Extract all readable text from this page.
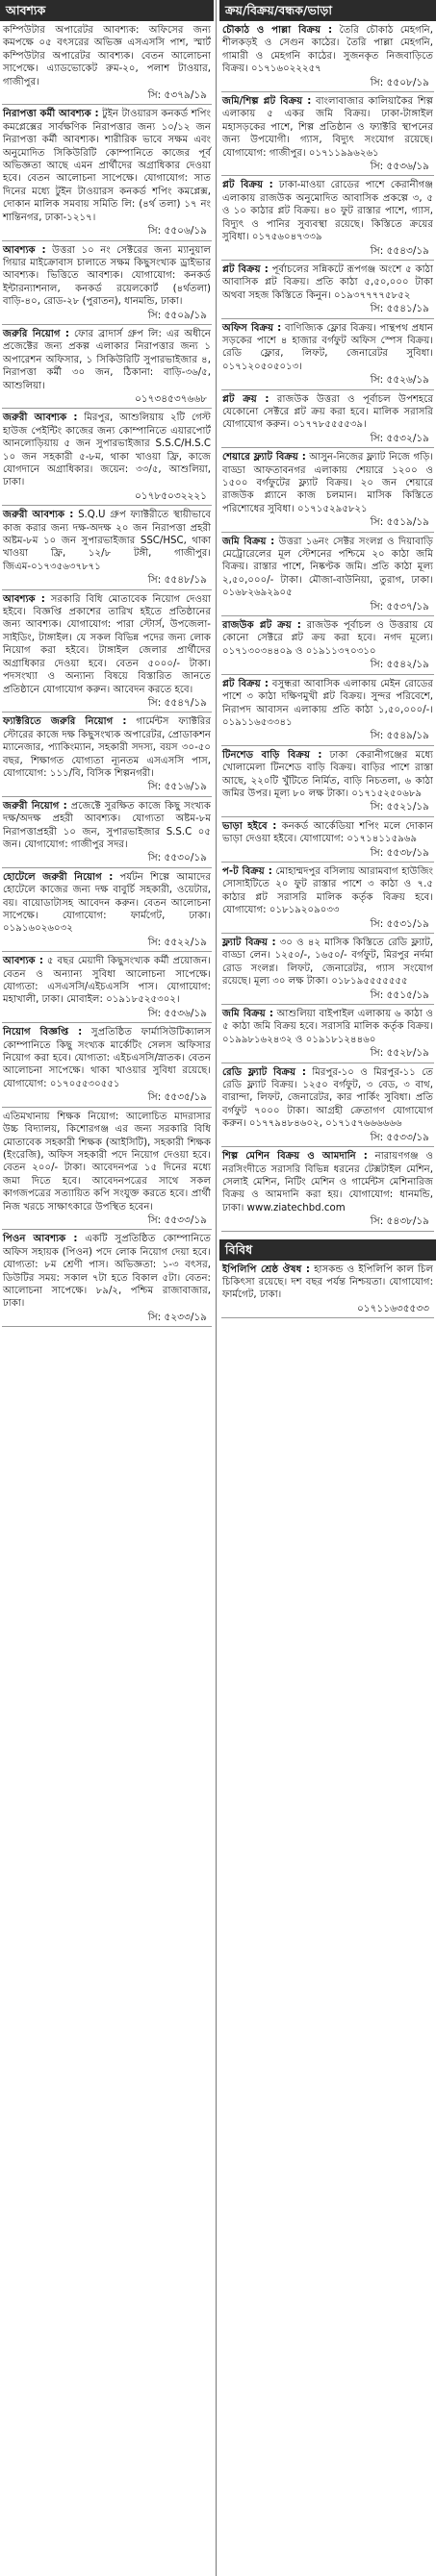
আবশ্যক
কম্পিউটার অপারেটর আবশ্যক: অফিসের জন্য কমপক্ষে ০৫ বৎসরের অভিজ্ঞ এসএসসি পাশ, স্মার্ট কম্পিউটার অপারেটর আবশ্যক। বেতন আলোচনা সাপেক্ষে। এ্যাডভোকেট রুম-২০, পলাশ টাওয়ার, গাজীপুর।
সি: ৫৩৭৯/১৯
নিরাপত্তা কর্মী আবশ্যক : টুইন টাওয়ারস কনকর্ড শপিং কমপ্লেক্সের সার্বক্ষণিক নিরাপত্তার জন্য ১০/১২ জন নিরাপত্তা কর্মী আবশ্যক। শারীরিক ভাবে সক্ষম এবং অনুমোদিত সিকিউরিটি কোম্পানিতে কাজের পূর্ব অভিজ্ঞতা আছে এমন প্রার্থীদের অগ্রাধিকার দেওয়া হবে। বেতন আলোচনা সাপেক্ষে। যোগাযোগ: সাত দিনের মধ্যে টুইন টাওয়ারস কনকর্ড শপিং কমপ্লেক্স, দোকান মালিক সমবায় সমিতি লি: (৪র্থ তলা) ১৭ নং শান্তিনগর, ঢাকা-১২১৭।
সি: ৫৫০৬/১৯
আবশ্যক : উত্তরা ১০ নং সেক্টরের জন্য ম্যানুয়াল গিয়ার মাইক্রোবাস চালাতে সক্ষম কিছুসংখ্যক ড্রাইভার আবশ্যক। ভিত্তিতে আবশ্যক। যোগাযোগ: কনকর্ড ইন্টারন্যাশনাল, কনকর্ড রয়েলকোর্ট (৪র্থতলা) বাড়ি-৪০, রোড-২৮ (পুরাতন), ধানমন্ডি, ঢাকা।
সি: ৫৫০৯/১৯
জরুরি নিয়োগ : ফোর ব্রাদার্স গ্রুপ লি: এর অধীনে প্রজেক্টের জন্য প্রকল্প এলাকার নিরাপত্তার জন্য ১ অপারেশন অফিসার, ১ সিকিউরিটি সুপারভাইজার ৪, নিরাপত্তা কর্মী ৩০ জন, ঠিকানা: বাড়ি-৩৬/৫, আশুলিয়া।
০১৭৩৪৫৩৭৬৬৮
জরুরী আবশ্যক : মিরপুর, আশুলিয়ায় ২টি গেস্ট হাউজ পেইন্টিং কাজের জন্য কোম্পানিতে এয়ারপোর্ট আনলোড়িয়ায় ৫ জন সুপারভাইজার S.S.C/H.S.C ১০ জন সহকারী ৫-৮ম, থাকা খাওয়া ফ্রি, কাজে যোগদানে অগ্রাধিকার। জয়েন: ৩৩/৫, আশুলিয়া, ঢাকা।
০১৭৮৫০৩২২২১
জরুরী আবশ্যক : S.Q.U গ্রুপ ফ্যাক্টরীতে স্থায়ীভাবে কাজ করার জন্য দক্ষ-অদক্ষ ২০ জন নিরাপত্তা প্রহরী অষ্টম-৮ম ১০ জন সুপারভাইজার SSC/HSC, থাকা খাওয়া ফ্রি, ১২/৮ টঙ্গী, গাজীপুর। জিএম-০১৭৩৫৬৩৭৮৭১
সি: ৫৫৪৮/১৯
আবশ্যক : সরকারি বিধি মোতাবেক নিয়োগ দেওয়া হইবে। বিজ্ঞপ্তি প্রকাশের তারিখ হইতে প্রতিষ্ঠানের জন্য আবশ্যক। যোগাযোগ: পারা স্টোর্স, উপজেলা-সাইডিং, টাঙ্গাইল। যে সকল বিভিন্ন পদের জন্য লোক নিয়োগ করা হইবে। টাঙ্গাইল জেলার প্রার্থীদের অগ্রাধিকার দেওয়া হবে। বেতন ৫০০০/- টাকা। পদসংখ্যা ও অন্যান্য বিষয়ে বিস্তারিত জানতে প্রতিষ্ঠানে যোগাযোগ করুন। আবেদন করতে হবে।
সি: ৫৫৪৭/১৯
ফ্যাক্টরিতে জরুরি নিয়োগ : গার্মেন্টস ফ্যাক্টরির স্টোরের কাজে দক্ষ কিছুসংখ্যক অপারেটর, প্রোডাকশন ম্যানেজার, প্যাকিংম্যান, সহকারী সদস্য, বয়স ৩০-৫০ বছর, শিক্ষাগত যোগ্যতা ন্যূনতম এসএসসি পাস, যোগাযোগ: ১১১/বি, বিসিক শিল্পনগরী।
সি: ৫৫১৬/১৯
জরুরী নিয়োগ : প্রজেক্টে সুরক্ষিত কাজে কিছু সংখ্যক দক্ষ/অদক্ষ প্রহরী আবশ্যক। যোগ্যতা অষ্টম-৮ম নিরাপত্তাপ্রহরী ১০ জন, সুপারভাইজার S.S.C ০৫ জন। যোগাযোগ: গাজীপুর সদর।
সি: ৫৫৩০/১৯
হোটেলে জরুরী নিয়োগ : পর্যটন শিল্পে আমাদের হোটেলে কাজের জন্য দক্ষ বাবুর্চি সহকারী, ওয়েটার, বয়। বায়োডাটাসহ আবেদন করুন। বেতন আলোচনা সাপেক্ষে। যোগাযোগ: ফার্মগেট, ঢাকা। ০১৯১৬০২৬০৩২
সি: ৫৫২২/১৯
আবশ্যক : ৫ বছর মেয়াদী কিছুসংখ্যক কর্মী প্রয়োজন। বেতন ও অন্যান্য সুবিধা আলোচনা সাপেক্ষে। যোগ্যতা: এসএসসি/এইচএসসি পাস। যোগাযোগ: মহাখালী, ঢাকা। মোবাইল: ০১৯১৮৫২৫৩০২।
সি: ৫৫৩৬/১৯
নিয়োগ বিজ্ঞপ্তি : সুপ্রতিষ্ঠিত ফার্মাসিউটিক্যালস কোম্পানিতে কিছু সংখ্যক মার্কেটিং সেলস অফিসার নিয়োগ করা হবে। যোগ্যতা: এইচএসসি/স্নাতক। বেতন আলোচনা সাপেক্ষে। থাকা খাওয়ার সুবিধা রয়েছে। যোগাযোগ: ০১৭০৫৫৩০৫৫১
সি: ৫৫৩৫/১৯
এতিমখানায় শিক্ষক নিয়োগ: আলোচিত মাদরাসার উচ্চ বিদ্যালয়, কিশোরগঞ্জ এর জন্য সরকারি বিধি মোতাবেক সহকারী শিক্ষক (আইসিটি), সহকারী শিক্ষক (ইংরেজি), অফিস সহকারী পদে নিয়োগ দেওয়া হবে। বেতন ২০০/- টাকা। আবেদনপত্র ১৫ দিনের মধ্যে জমা দিতে হবে। আবেদনপত্রের সাথে সকল কাগজপত্রের সত্যায়িত কপি সংযুক্ত করতে হবে। প্রার্থী নিজ খরচে সাক্ষাৎকারে উপস্থিত হবেন।
সি: ৫৫৩৩/১৯
পিওন আবশ্যক : একটি সুপ্রতিষ্ঠিত কোম্পানিতে অফিস সহায়ক (পিওন) পদে লোক নিয়োগ দেয়া হবে। যোগ্যতা: ৮ম শ্রেণী পাস। অভিজ্ঞতা: ১-৩ বৎসর, ডিউটির সময়: সকাল ৭টা হতে বিকাল ৫টা। বেতন: আলোচনা সাপেক্ষে। ৮৯/২, পশ্চিম রাজাবাজার, ঢাকা।
সি: ৫২৩৩/১৯
ক্রয়/বিক্রয়/বন্ধক/ভাড়া
চৌকাঠ ও পাল্লা বিক্রয় : তৈরি চৌকাঠ মেহগনি, শীলকড়ই ও সেগুন কাঠের। তৈরি পাল্লা মেহগনি, গামারী ও মেহগনি কাঠের। সুজনকৃত নিজবাড়িতে বিক্রয়। ০১৭১৬০২২২৫৭
সি: ৫৫০৮/১৯
জমি/শিল্প প্লট বিক্রয় : বাংলাবাজার কালিয়াকৈর শিল্প এলাকায় ৫ একর জমি বিক্রয়। ঢাকা-টাঙ্গাইল মহাসড়কের পাশে, শিল্প প্রতিষ্ঠান ও ফ্যাক্টরি স্থাপনের জন্য উপযোগী। গ্যাস, বিদ্যুৎ সংযোগ রয়েছে। যোগাযোগ: গাজীপুর। ০১৭১১৯৯৬২৬১
সি: ৫৫৩৬/১৯
প্লট বিক্রয় : ঢাকা-মাওয়া রোডের পাশে কেরানীগঞ্জ এলাকায় রাজউক অনুমোদিত আবাসিক প্রকল্পে ৩, ৫ ও ১০ কাঠার প্লট বিক্রয়। ৪০ ফুট রাস্তার পাশে, গ্যাস, বিদ্যুৎ ও পানির সুব্যবস্থা রয়েছে। কিস্তিতে ক্রয়ের সুবিধা। ০১৭৫৬০৪৭৩৩৯
সি: ৫৫৪৩/১৯
প্লট বিক্রয় : পূর্বাচলের সন্নিকটে রূপগঞ্জ অংশে ৫ কাঠা আবাসিক প্লট বিক্রয়। প্রতি কাঠা ৫,৫০,০০০ টাকা অথবা সহজ কিস্তিতে কিনুন। ০১৯৩৭৭৭৭৫৮৫২
সি: ৫৫৪১/১৯
অফিস বিক্রয় : বাণিজ্যিক ফ্লোর বিক্রয়। পান্থপথ প্রধান সড়কের পাশে ৪ হাজার বর্গফুট অফিস স্পেস বিক্রয়। রেডি ফ্লোর, লিফট, জেনারেটর সুবিধা। ০১৭১২০৫০৫০১৩।
সি: ৫৫২৬/১৯
প্লট ক্রয় : রাজউক উত্তরা ও পূর্বাচল উপশহরে যেকোনো সেক্টরে প্লট ক্রয় করা হবে। মালিক সরাসরি যোগাযোগ করুন। ০১৭৭৮৫৫৫৫৩৯।
সি: ৫৫৩২/১৯
শেয়ারে ফ্ল্যাট বিক্রয় : আসুন-নিজের ফ্ল্যাট নিজে গড়ি। বাড্ডা আফতাবনগর এলাকায় শেয়ারে ১২০০ ও ১৫০০ বর্গফুটের ফ্ল্যাট বিক্রয়। ২০ জন শেয়ারে রাজউক প্ল্যানে কাজ চলমান। মাসিক কিস্তিতে পরিশোধের সুবিধা। ০১৭১৫২৯৫৮২১
সি: ৫৫১৯/১৯
জমি বিক্রয় : উত্তরা ১৬নং সেক্টর সংলগ্ন ও দিয়াবাড়ি মেট্রোরেলের মূল স্টেশনের পশ্চিমে ২০ কাঠা জমি বিক্রয়। রাস্তার পাশে, নিষ্কণ্টক জমি। প্রতি কাঠা মূল্য ২,৫০,০০০/- টাকা। মৌজা-বাউনিয়া, তুরাগ, ঢাকা। ০১৬৮২৬৯২৯০৫
সি: ৫৫৩৭/১৯
রাজউক প্লট ক্রয় : রাজউক পূর্বাচল ও উত্তরায় যে কোনো সেক্টরে প্লট ক্রয় করা হবে। নগদ মূল্যে। ০১৭১৩০৩৪৪০৯ ও ০১৯১১৩৭০৩১০
সি: ৫৫৪২/১৯
প্লট বিক্রয় : বসুন্ধরা আবাসিক এলাকায় মেইন রোডের পাশে ৩ কাঠা দক্ষিণমুখী প্লট বিক্রয়। সুন্দর পরিবেশে, নিরাপদ আবাসন এলাকায় প্রতি কাঠা ১,৫০,০০০/-। ০১৯১১৬৫৩৩৪১
সি: ৫৫৪৯/১৯
টিনশেড বাড়ি বিক্রয় : ঢাকা কেরানীগঞ্জের মধ্যে খোলামেলা টিনশেড বাড়ি বিক্রয়। বাড়ির পাশে রাস্তা আছে, ২২০টি খুঁটিতে নির্মিত, বাড়ি নিচতলা, ৬ কাঠা জমির উপর। মূল্য ৮০ লক্ষ টাকা। ০১৭১৫২৫০৬৮৯
সি: ৫৫২১/১৯
ভাড়া হইবে : কনকর্ড আর্কেডিয়া শপিং মলে দোকান ভাড়া দেওয়া হইবে। যোগাযোগ: ০১৭১৪১১৫৯৬৯
সি: ৫৫৩৮/১৯
প-ট বিক্রয় : মোহাম্মদপুর বসিলায় আরামবাগ হাউজিং সোসাইটিতে ২০ ফুট রাস্তার পাশে ৩ কাঠা ও ৭.৫ কাঠার প্লট সরাসরি মালিক কর্তৃক বিক্রয় হবে। যোগাযোগ: ০১৮১৯২০৯০৩৩
সি: ৫৫৩১/১৯
ফ্ল্যাট বিক্রয় : ৩০ ও ৪২ মাসিক কিস্তিতে রেডি ফ্ল্যাট, বাড্ডা লেন। ১২৫০/-, ১৬৫০/- বর্গফুট, মিরপুর নর্দমা রোড সংলগ্ন। লিফট, জেনারেটর, গ্যাস সংযোগ রয়েছে। মূল্য ৩০ লক্ষ টাকা। ০১৮১৯৫৫৫৫৫৫৫
সি: ৫৫১৫/১৯
জমি বিক্রয় : আশুলিয়া বাইপাইল এলাকায় ৬ কাঠা ও ৫ কাঠা জমি বিক্রয় হবে। সরাসরি মালিক কর্তৃক বিক্রয়। ০১৯৯৮১৬২৪৩২ ও ০১৯১৮১২৪৪৬০
সি: ৫৫২৮/১৯
রেডি ফ্ল্যাট বিক্রয় : মিরপুর-১০ ও মিরপুর-১১ তে রেডি ফ্ল্যাট বিক্রয়। ১২৫০ বর্গফুট, ৩ বেড, ৩ বাথ, বারান্দা, লিফট, জেনারেটর, কার পার্কিং সুবিধা। প্রতি বর্গফুট ৭০০০ টাকা। আগ্রহী ক্রেতাগণ যোগাযোগ করুন। ০১৭৭৯৪৮৪৬০২, ০১৭১৫৭৬৬৬৬৬৬
সি: ৫৫৩৩/১৯
শিল্প মেশিন বিক্রয় ও আমদানি : নারায়ণগঞ্জ ও নরসিংদীতে সরাসরি বিভিন্ন ধরনের টেক্সটাইল মেশিন, সেলাই মেশিন, নিটিং মেশিন ও গার্মেন্টস মেশিনারিজ বিক্রয় ও আমদানি করা হয়। যোগাযোগ: ধানমন্ডি, ঢাকা। www.ziatechbd.com
সি: ৫৪৩৮/১৯
বিবিধ
ইপিলিপি শ্রেষ্ঠ ঔষধ : হাসকন্ড ও ইপিলিপি কাল চিল চিকিৎসা রয়েছে। দশ বছর পর্যন্ত নিশ্চয়তা। যোগাযোগ: ফার্মগেট, ঢাকা।
০১৭১১৬৩৫৫৩৩
